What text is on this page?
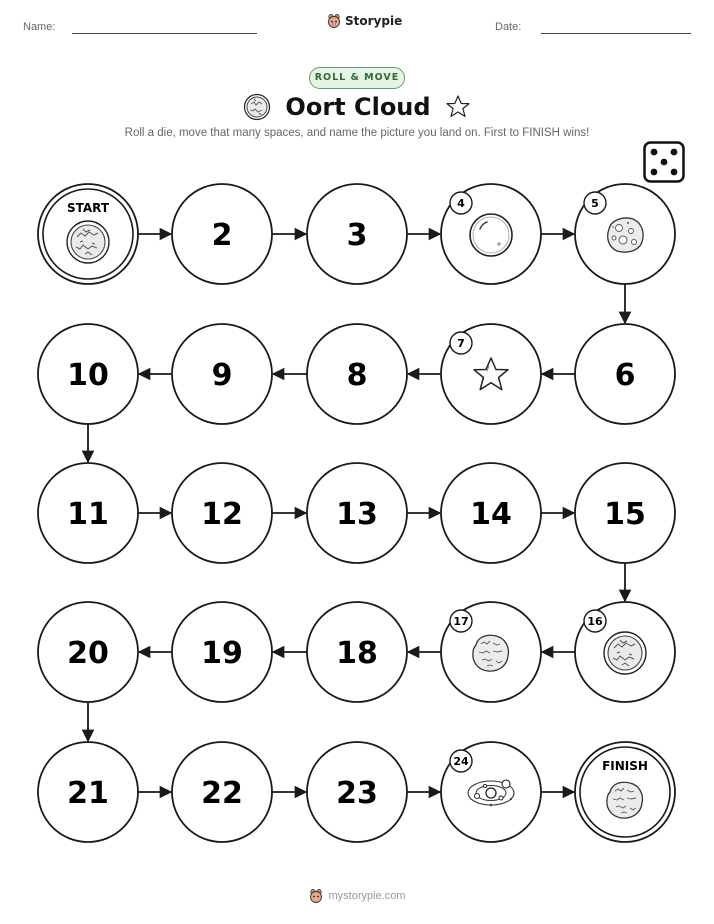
Name:	Storypie	Date:
ROLL & MOVE
Oort Cloud
Roll a die, move that many spaces, and name the picture you land on. First to FINISH wins!
START
2	3
4	5
6
7
8
9
10
11	12	13	14	15
16
17
18
19
20
21	22	23
24	FINISH
mystorypie.com
